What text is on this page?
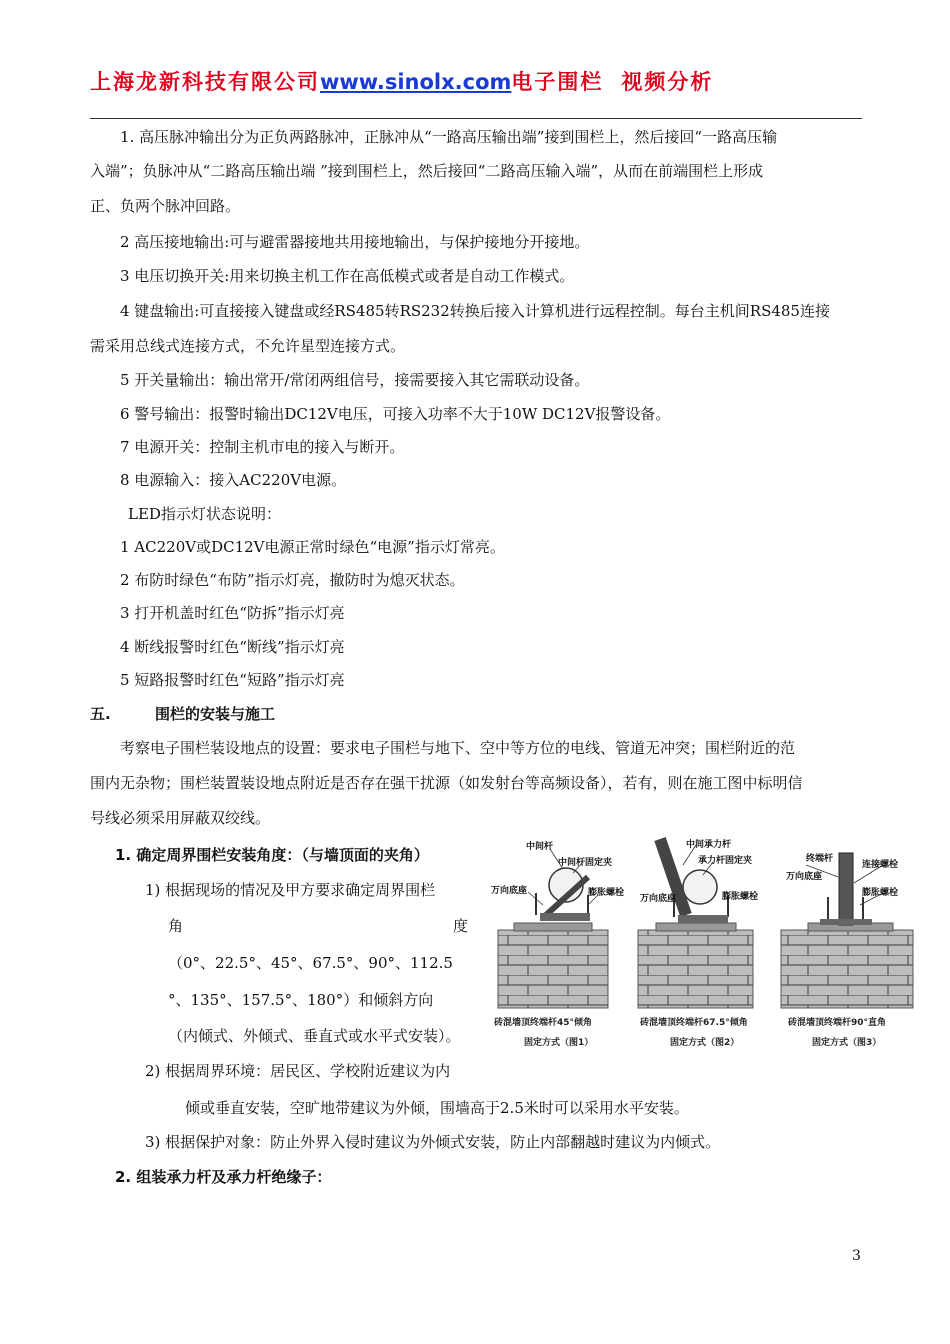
上海龙新科技有限公司www.sinolx.com电子围栏 视频分析
1. 高压脉冲输出分为正负两路脉冲，正脉冲从“一路高压输出端”接到围栏上，然后接回“一路高压输
入端”；负脉冲从“二路高压输出端 ”接到围栏上，然后接回“二路高压输入端”，从而在前端围栏上形成
正、负两个脉冲回路。
2 高压接地输出:可与避雷器接地共用接地输出，与保护接地分开接地。
3 电压切换开关:用来切换主机工作在高低模式或者是自动工作模式。
4 键盘输出:可直接接入键盘或经RS485转RS232转换后接入计算机进行远程控制。每台主机间RS485连接
需采用总线式连接方式，不允许星型连接方式。
5 开关量输出：输出常开/常闭两组信号，接需要接入其它需联动设备。
6 警号输出：报警时输出DC12V电压，可接入功率不大于10W DC12V报警设备。
7 电源开关：控制主机市电的接入与断开。
8 电源输入：接入AC220V电源。
LED指示灯状态说明：
1 AC220V或DC12V电源正常时绿色“电源”指示灯常亮。
2 布防时绿色“布防”指示灯亮，撤防时为熄灭状态。
3 打开机盖时红色“防拆”指示灯亮
4 断线报警时红色“断线”指示灯亮
5 短路报警时红色“短路”指示灯亮
五.	围栏的安装与施工
考察电子围栏装设地点的设置：要求电子围栏与地下、空中等方位的电线、管道无冲突；围栏附近的范
围内无杂物；围栏装置装设地点附近是否存在强干扰源（如发射台等高频设备），若有，则在施工图中标明信
号线必须采用屏蔽双绞线。
1. 确定周界围栏安装角度：（与墙顶面的夹角）
1) 根据现场的情况及甲方要求确定周界围栏
角	度
（0°、22.5°、45°、67.5°、90°、112.5
°、135°、157.5°、180°）和倾斜方向
（内倾式、外倾式、垂直式或水平式安装）。
2) 根据周界环境：居民区、学校附近建议为内
倾或垂直安装，空旷地带建议为外倾，围墙高于2.5米时可以采用水平安装。
3) 根据保护对象：防止外界入侵时建议为外倾式安装，防止内部翻越时建议为内倾式。
2. 组装承力杆及承力杆绝缘子：
中间杆
中间杆固定夹
万向底座	膨胀螺栓
砖混墙顶终端杆45°倾角
固定方式（图1）
中间承力杆
承力杆固定夹
万向底座	膨胀螺栓
砖混墙顶终端杆67.5°倾角
固定方式（图2）
终端杆
连接螺栓
万向底座
膨胀螺栓
砖混墙顶终端杆90°直角
固定方式（图3）
3
